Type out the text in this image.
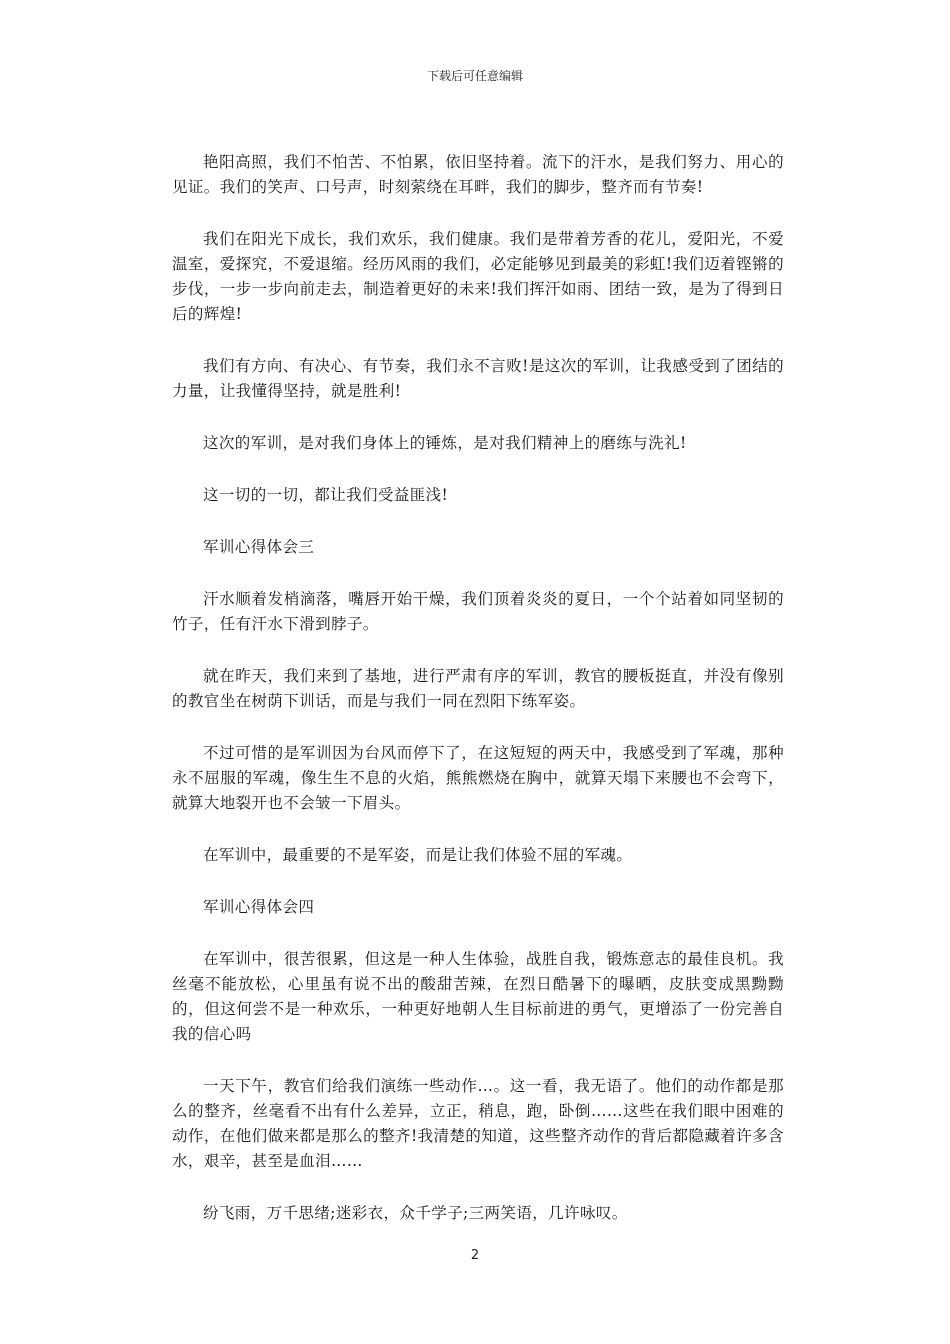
下载后可任意编辑

艳阳高照，我们不怕苦、不怕累，依旧坚持着。流下的汗水，是我们努力、用心的见证。我们的笑声、口号声，时刻萦绕在耳畔，我们的脚步，整齐而有节奏!

我们在阳光下成长，我们欢乐，我们健康。我们是带着芳香的花儿，爱阳光，不爱温室，爱探究，不爱退缩。经历风雨的我们，必定能够见到最美的彩虹!我们迈着铿锵的步伐，一步一步向前走去，制造着更好的未来!我们挥汗如雨、团结一致，是为了得到日后的辉煌!

我们有方向、有决心、有节奏，我们永不言败!是这次的军训，让我感受到了团结的力量，让我懂得坚持，就是胜利!

这次的军训，是对我们身体上的锤炼，是对我们精神上的磨练与洗礼!

这一切的一切，都让我们受益匪浅!

军训心得体会三

汗水顺着发梢滴落，嘴唇开始干燥，我们顶着炎炎的夏日，一个个站着如同坚韧的竹子，任有汗水下滑到脖子。

就在昨天，我们来到了基地，进行严肃有序的军训，教官的腰板挺直，并没有像别的教官坐在树荫下训话，而是与我们一同在烈阳下练军姿。

不过可惜的是军训因为台风而停下了，在这短短的两天中，我感受到了军魂，那种永不屈服的军魂，像生生不息的火焰，熊熊燃烧在胸中，就算天塌下来腰也不会弯下，就算大地裂开也不会皱一下眉头。

在军训中，最重要的不是军姿，而是让我们体验不屈的军魂。

军训心得体会四

在军训中，很苦很累，但这是一种人生体验，战胜自我，锻炼意志的最佳良机。我丝毫不能放松，心里虽有说不出的酸甜苦辣，在烈日酷暑下的曝晒，皮肤变成黑黝黝的，但这何尝不是一种欢乐，一种更好地朝人生目标前进的勇气，更增添了一份完善自我的信心吗

一天下午，教官们给我们演练一些动作…。这一看，我无语了。他们的动作都是那么的整齐，丝毫看不出有什么差异，立正，稍息，跑，卧倒……这些在我们眼中困难的动作，在他们做来都是那么的整齐!我清楚的知道，这些整齐动作的背后都隐藏着许多含水，艰辛，甚至是血泪……

纷飞雨，万千思绪;迷彩衣，众千学子;三两笑语，几许咏叹。

2
